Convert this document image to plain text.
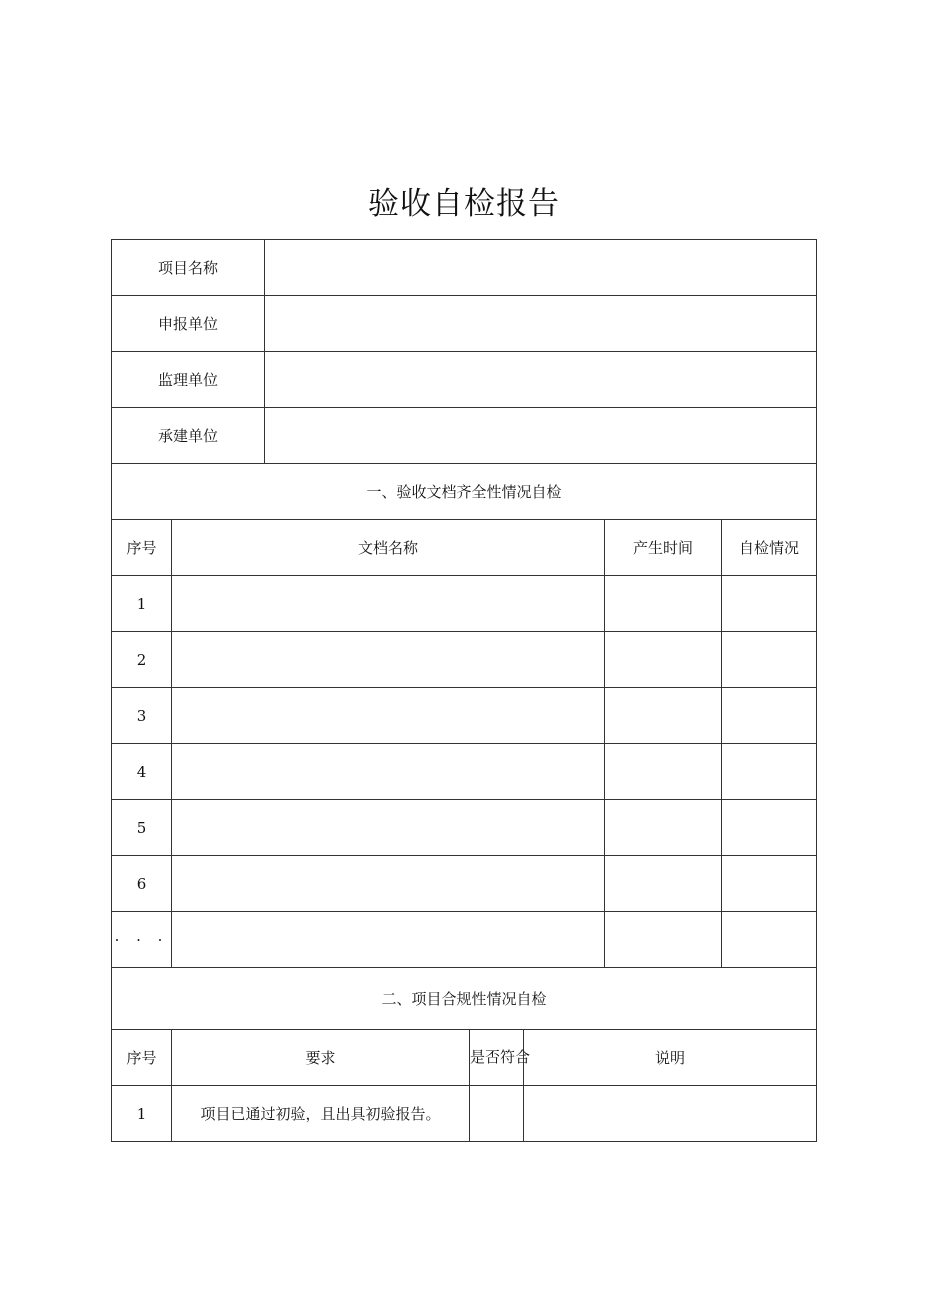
验收自检报告
项目名称	
申报单位	
监理单位	
承建单位	
一、验收文档齐全性情况自检
序号	文档名称	产生时间	自检情况
1			
2			
3			
4			
5			
6			
· · ·			
二、项目合规性情况自检			
序号	要求	是否符合	说明
1	项目已通过初验，且出具初验报告。		
